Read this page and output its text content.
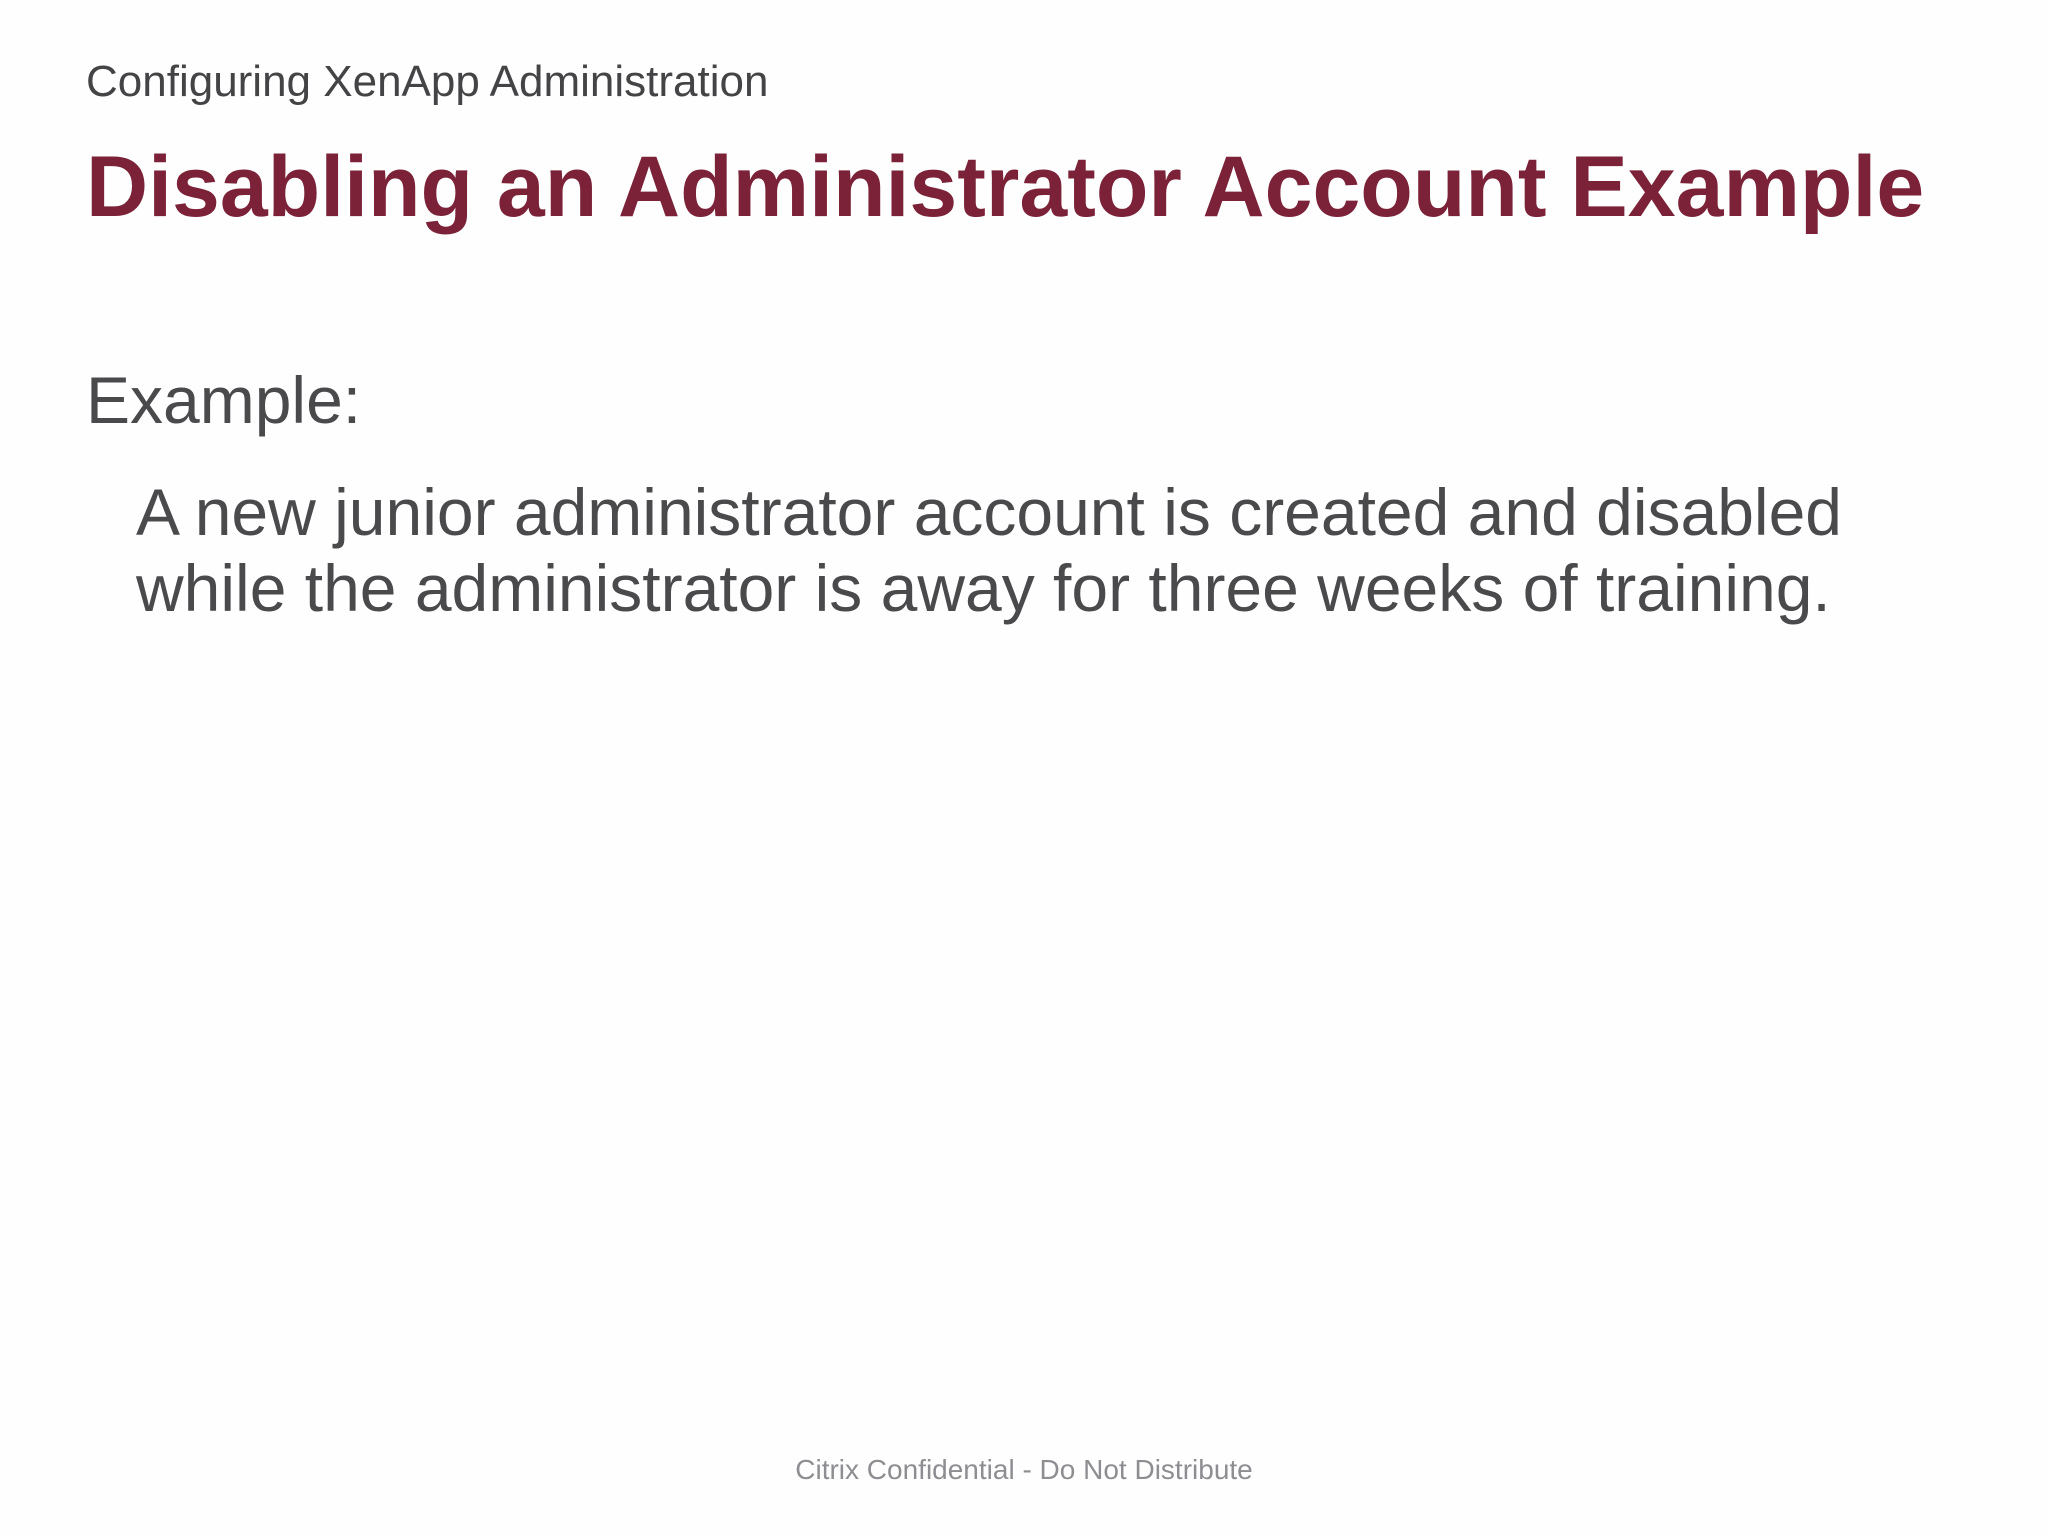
Configuring XenApp Administration
Disabling an Administrator Account Example

Example:

A new junior administrator account is created and disabled while the administrator is away for three weeks of training.
Citrix Confidential - Do Not Distribute
